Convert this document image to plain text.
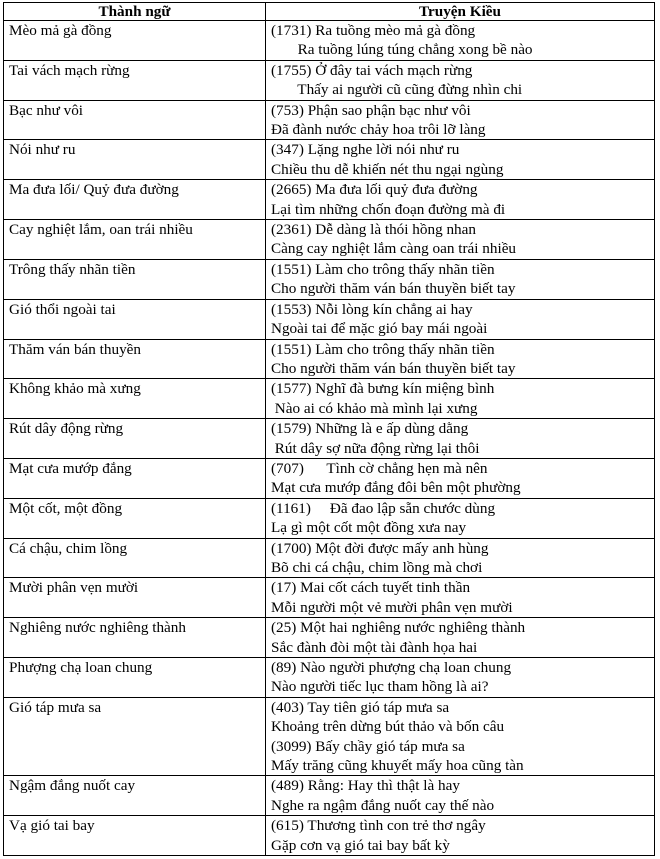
Thành ngữ	Truyện Kiều
Mèo mả gà đồng	(1731) Ra tuồng mèo mả gà đồng
Ra tuồng lúng túng chẳng xong bề nào

Tai vách mạch rừng	(1755) Ở đây tai vách mạch rừng
Thấy ai người cũ cũng đừng nhìn chi

Bạc như vôi	(753) Phận sao phận bạc như vôi
Đã đành nước chảy hoa trôi lỡ làng

Nói như ru	(347) Lặng nghe lời nói như ru
Chiều thu dễ khiến nét thu ngại ngùng

Ma đưa lối/ Quỷ đưa đường	(2665) Ma đưa lối quỷ đưa đường
Lại tìm những chốn đoạn đường mà đi

Cay nghiệt lắm, oan trái nhiều	(2361) Dễ dàng là thói hồng nhan
Càng cay nghiệt lắm càng oan trái nhiều

Trông thấy nhãn tiền	(1551) Làm cho trông thấy nhãn tiền
Cho người thăm ván bán thuyền biết tay

Gió thổi ngoài tai	(1553) Nỗi lòng kín chẳng ai hay
Ngoài tai để mặc gió bay mái ngoài

Thăm ván bán thuyền	(1551) Làm cho trông thấy nhãn tiền
Cho người thăm ván bán thuyền biết tay

Không khảo mà xưng	(1577) Nghĩ đà bưng kín miệng bình
Nào ai có khảo mà mình lại xưng

Rút dây động rừng	(1579) Những là e ấp dùng dằng
Rút dây sợ nữa động rừng lại thôi

Mạt cưa mướp đắng	(707)      Tình cờ chẳng hẹn mà nên
Mạt cưa mướp đắng đôi bên một phường

Một cốt, một đồng	(1161)     Đã đao lập sẵn chước dùng
Lạ gì một cốt một đồng xưa nay

Cá chậu, chim lồng	(1700) Một đời được mấy anh hùng
Bõ chi cá chậu, chim lồng mà chơi

Mười phân vẹn mười	(17) Mai cốt cách tuyết tinh thần
Mỗi người một vẻ mười phân vẹn mười

Nghiêng nước nghiêng thành	(25) Một hai nghiêng nước nghiêng thành
Sắc đành đòi một tài đành họa hai

Phượng chạ loan chung	(89) Nào người phượng chạ loan chung
Nào người tiếc lục tham hồng là ai?

Gió táp mưa sa	(403) Tay tiên gió táp mưa sa
Khoảng trên dừng bút thảo và bốn câu
(3099) Bấy chầy gió táp mưa sa
Mấy trăng cũng khuyết mấy hoa cũng tàn

Ngậm đắng nuốt cay	(489) Rằng: Hay thì thật là hay
Nghe ra ngậm đắng nuốt cay thế nào

Vạ gió tai bay	(615) Thương tình con trẻ thơ ngây
Gặp cơn vạ gió tai bay bất kỳ
